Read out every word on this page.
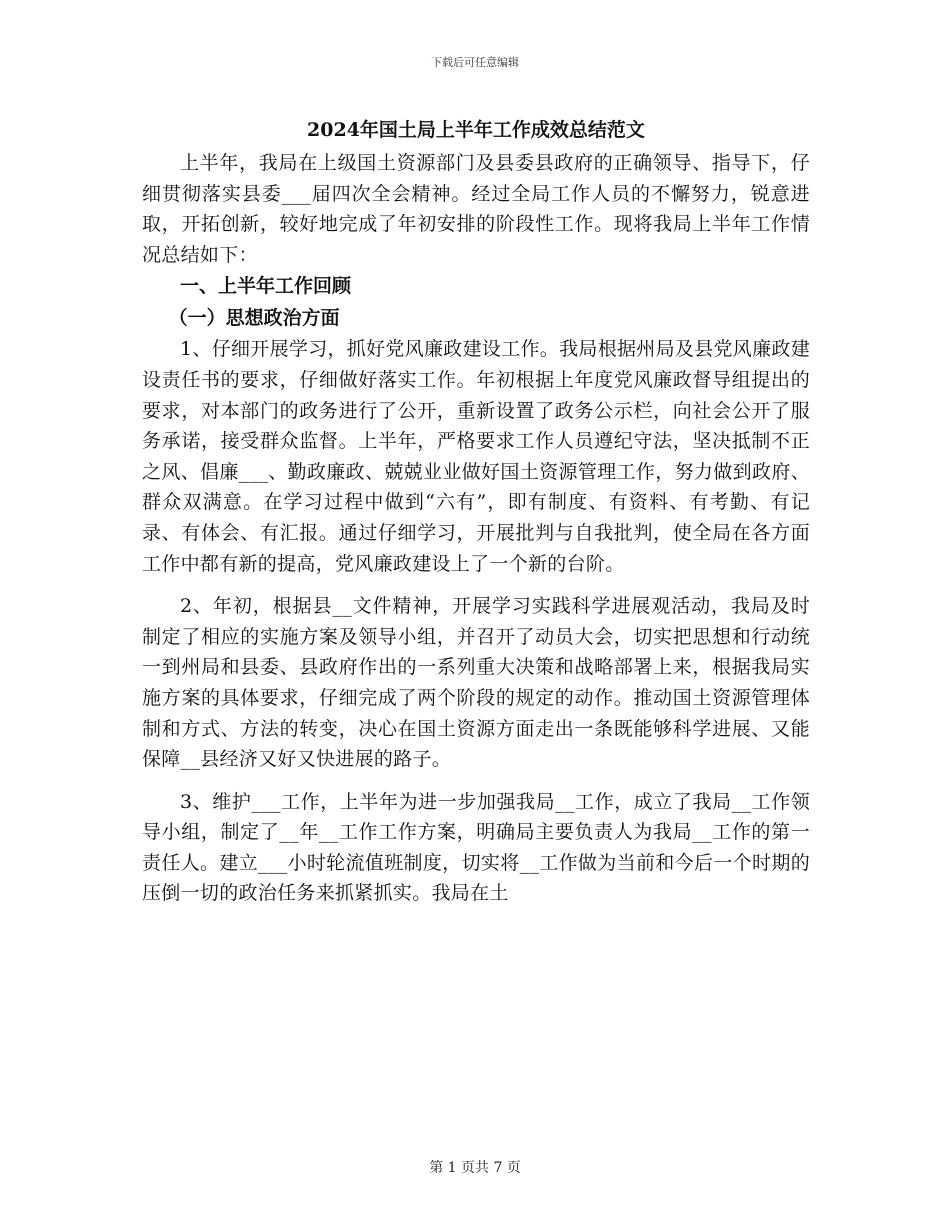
下载后可任意编辑
2024年国土局上半年工作成效总结范文

上半年，我局在上级国土资源部门及县委县政府的正确领导、指导下，仔细贯彻落实县委___届四次全会精神。经过全局工作人员的不懈努力，锐意进取，开拓创新，较好地完成了年初安排的阶段性工作。现将我局上半年工作情况总结如下：

一、上半年工作回顾
（一）思想政治方面

1、仔细开展学习，抓好党风廉政建设工作。我局根据州局及县党风廉政建设责任书的要求，仔细做好落实工作。年初根据上年度党风廉政督导组提出的要求，对本部门的政务进行了公开，重新设置了政务公示栏，向社会公开了服务承诺，接受群众监督。上半年，严格要求工作人员遵纪守法，坚决抵制不正之风、倡廉___、勤政廉政、兢兢业业做好国土资源管理工作，努力做到政府、群众双满意。在学习过程中做到“六有”，即有制度、有资料、有考勤、有记录、有体会、有汇报。通过仔细学习，开展批判与自我批判，使全局在各方面工作中都有新的提高，党风廉政建设上了一个新的台阶。

2、年初，根据县__文件精神，开展学习实践科学进展观活动，我局及时制定了相应的实施方案及领导小组，并召开了动员大会，切实把思想和行动统一到州局和县委、县政府作出的一系列重大决策和战略部署上来，根据我局实施方案的具体要求，仔细完成了两个阶段的规定的动作。推动国土资源管理体制和方式、方法的转变，决心在国土资源方面走出一条既能够科学进展、又能保障__县经济又好又快进展的路子。

3、维护___工作，上半年为进一步加强我局__工作，成立了我局__工作领导小组，制定了__年__工作工作方案，明确局主要负责人为我局__工作的第一责任人。建立___小时轮流值班制度，切实将__工作做为当前和今后一个时期的压倒一切的政治任务来抓紧抓实。我局在土

第 1 页共 7 页
